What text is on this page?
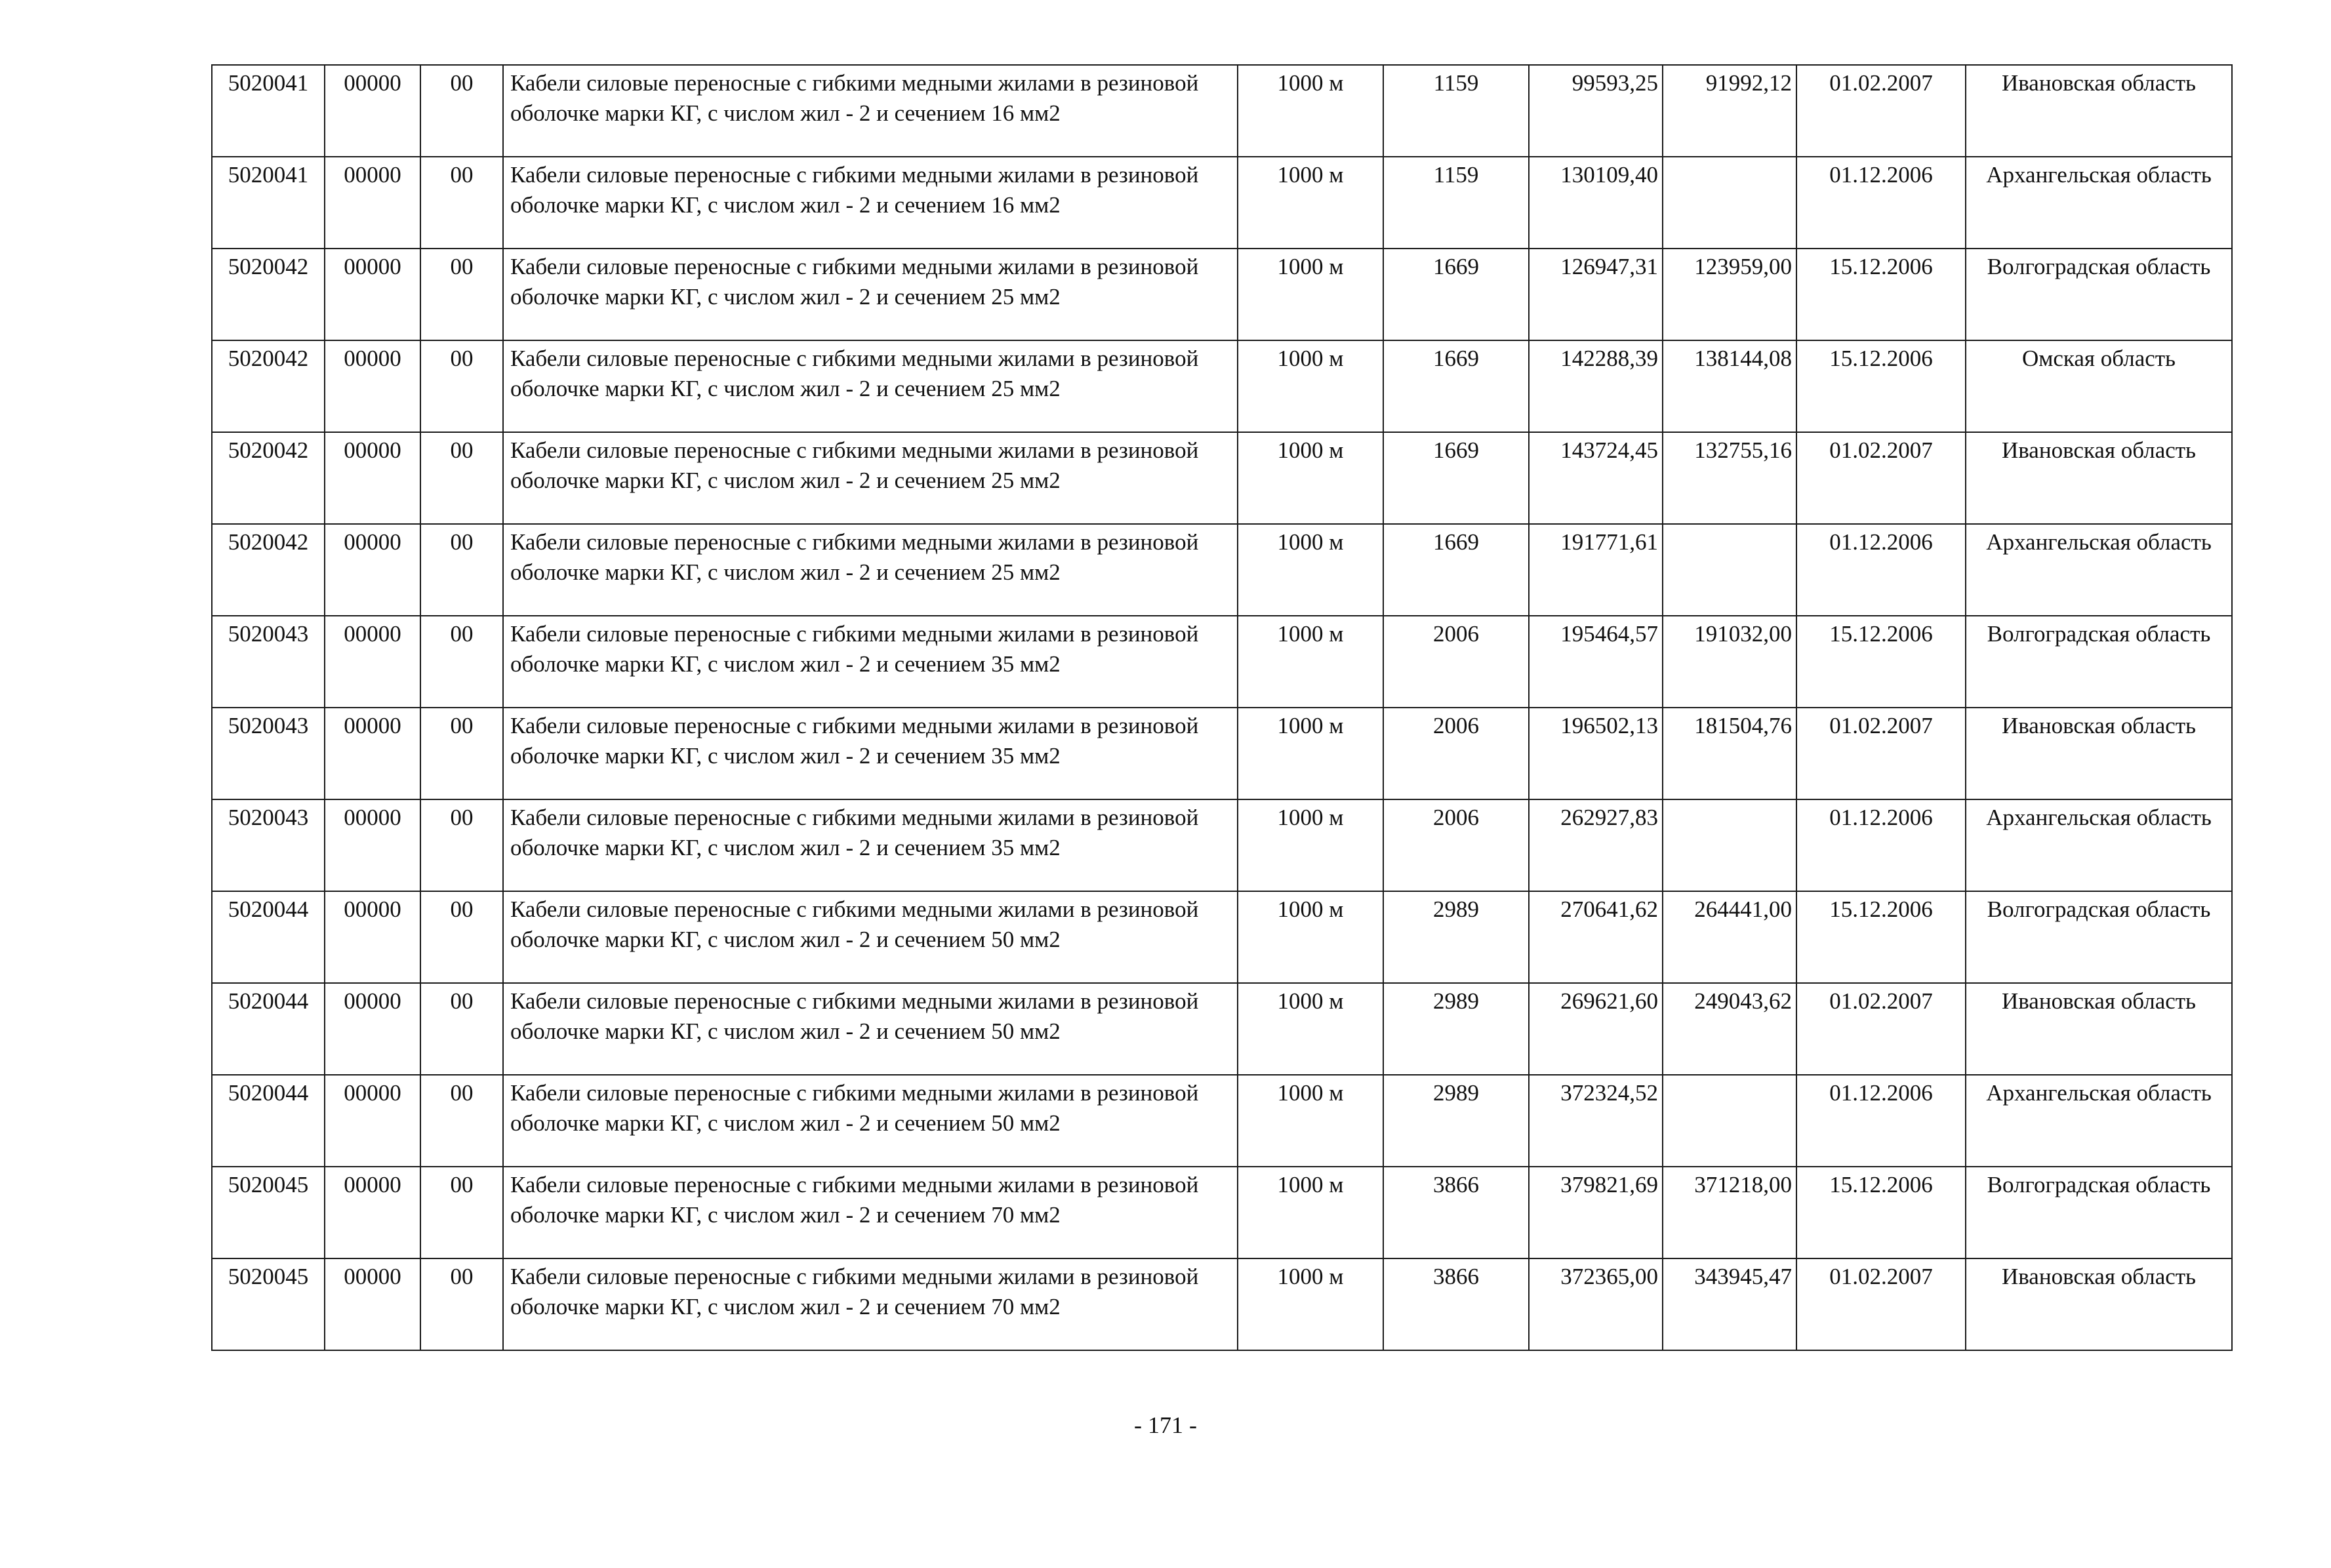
5020041	00000	00	Кабели силовые переносные с гибкими медными жилами в резиновой оболочке марки КГ, с числом жил - 2 и сечением 16 мм2	1000 м	1159	99593,25	91992,12	01.02.2007	Ивановская область
5020041	00000	00	Кабели силовые переносные с гибкими медными жилами в резиновой оболочке марки КГ, с числом жил - 2 и сечением 16 мм2	1000 м	1159	130109,40		01.12.2006	Архангельская область
5020042	00000	00	Кабели силовые переносные с гибкими медными жилами в резиновой оболочке марки КГ, с числом жил - 2 и сечением 25 мм2	1000 м	1669	126947,31	123959,00	15.12.2006	Волгоградская область
5020042	00000	00	Кабели силовые переносные с гибкими медными жилами в резиновой оболочке марки КГ, с числом жил - 2 и сечением 25 мм2	1000 м	1669	142288,39	138144,08	15.12.2006	Омская область
5020042	00000	00	Кабели силовые переносные с гибкими медными жилами в резиновой оболочке марки КГ, с числом жил - 2 и сечением 25 мм2	1000 м	1669	143724,45	132755,16	01.02.2007	Ивановская область
5020042	00000	00	Кабели силовые переносные с гибкими медными жилами в резиновой оболочке марки КГ, с числом жил - 2 и сечением 25 мм2	1000 м	1669	191771,61		01.12.2006	Архангельская область
5020043	00000	00	Кабели силовые переносные с гибкими медными жилами в резиновой оболочке марки КГ, с числом жил - 2 и сечением 35 мм2	1000 м	2006	195464,57	191032,00	15.12.2006	Волгоградская область
5020043	00000	00	Кабели силовые переносные с гибкими медными жилами в резиновой оболочке марки КГ, с числом жил - 2 и сечением 35 мм2	1000 м	2006	196502,13	181504,76	01.02.2007	Ивановская область
5020043	00000	00	Кабели силовые переносные с гибкими медными жилами в резиновой оболочке марки КГ, с числом жил - 2 и сечением 35 мм2	1000 м	2006	262927,83		01.12.2006	Архангельская область
5020044	00000	00	Кабели силовые переносные с гибкими медными жилами в резиновой оболочке марки КГ, с числом жил - 2 и сечением 50 мм2	1000 м	2989	270641,62	264441,00	15.12.2006	Волгоградская область
5020044	00000	00	Кабели силовые переносные с гибкими медными жилами в резиновой оболочке марки КГ, с числом жил - 2 и сечением 50 мм2	1000 м	2989	269621,60	249043,62	01.02.2007	Ивановская область
5020044	00000	00	Кабели силовые переносные с гибкими медными жилами в резиновой оболочке марки КГ, с числом жил - 2 и сечением 50 мм2	1000 м	2989	372324,52		01.12.2006	Архангельская область
5020045	00000	00	Кабели силовые переносные с гибкими медными жилами в резиновой оболочке марки КГ, с числом жил - 2 и сечением 70 мм2	1000 м	3866	379821,69	371218,00	15.12.2006	Волгоградская область
5020045	00000	00	Кабели силовые переносные с гибкими медными жилами в резиновой оболочке марки КГ, с числом жил - 2 и сечением 70 мм2	1000 м	3866	372365,00	343945,47	01.02.2007	Ивановская область
- 171 -
